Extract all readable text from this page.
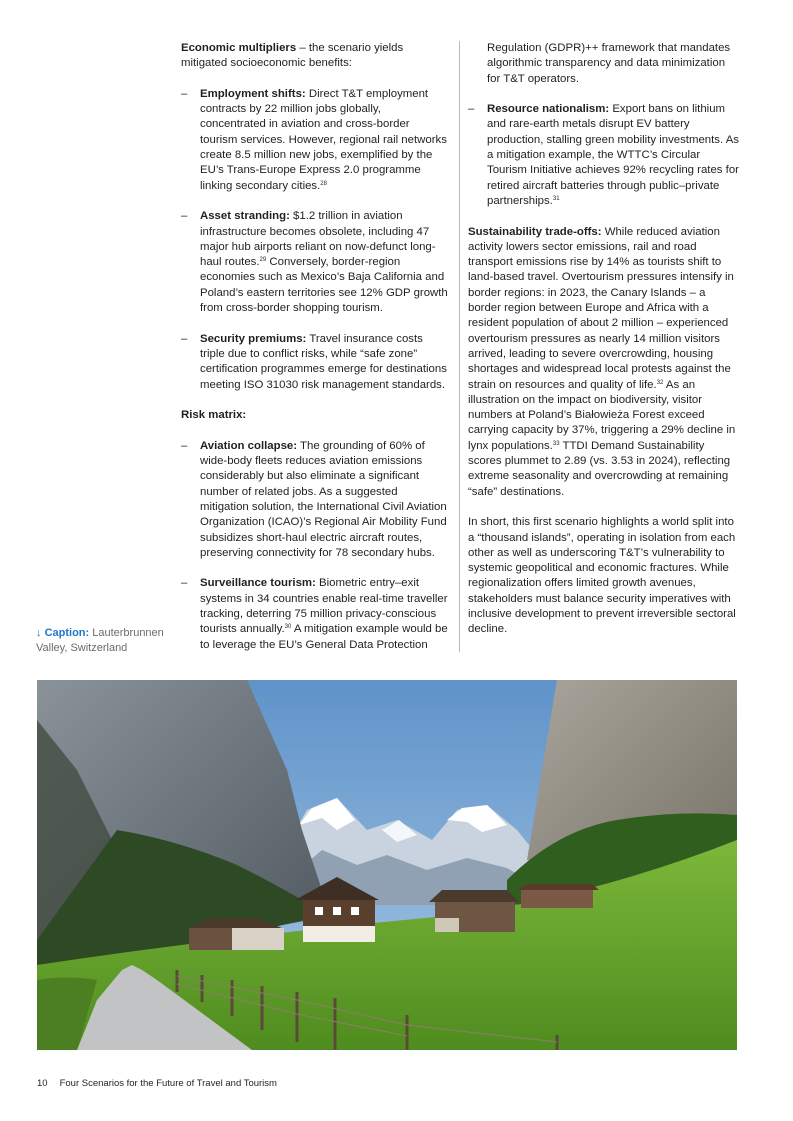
Economic multipliers – the scenario yields mitigated socioeconomic benefits:

– Employment shifts: Direct T&T employment contracts by 22 million jobs globally, concentrated in aviation and cross-border tourism services. However, regional rail networks create 8.5 million new jobs, exemplified by the EU’s Trans-Europe Express 2.0 programme linking secondary cities.$^{28}$
– Asset stranding: $1.2 trillion in aviation infrastructure becomes obsolete, including 47 major hub airports reliant on now-defunct long-haul routes.$^{29}$ Conversely, border-region economies such as Mexico’s Baja California and Poland’s eastern territories see 12% GDP growth from cross-border shopping tourism.
– Security premiums: Travel insurance costs triple due to conflict risks, while “safe zone” certification programmes emerge for destinations meeting ISO 31030 risk management standards.

Risk matrix:

– Aviation collapse: The grounding of 60% of wide-body fleets reduces aviation emissions considerably but also eliminate a significant number of related jobs. As a suggested mitigation solution, the International Civil Aviation Organization (ICAO)’s Regional Air Mobility Fund subsidizes short-haul electric aircraft routes, preserving connectivity for 78 secondary hubs.
– Surveillance tourism: Biometric entry–exit systems in 34 countries enable real-time traveller tracking, deterring 75 million privacy-conscious tourists annually.$^{30}$ A mitigation example would be to leverage the EU’s General Data Protection
Regulation (GDPR)++ framework that mandates algorithmic transparency and data minimization for T&T operators.
– Resource nationalism: Export bans on lithium and rare-earth metals disrupt EV battery production, stalling green mobility investments. As a mitigation example, the WTTC’s Circular Tourism Initiative achieves 92% recycling rates for retired aircraft batteries through public–private partnerships.$^{31}$

Sustainability trade-offs: While reduced aviation activity lowers sector emissions, rail and road transport emissions rise by 14% as tourists shift to land-based travel. Overtourism pressures intensify in border regions: in 2023, the Canary Islands – a border region between Europe and Africa with a resident population of about 2 million – experienced overtourism pressures as nearly 14 million visitors arrived, leading to severe overcrowding, housing shortages and widespread local protests against the strain on resources and quality of life.$^{32}$ As an illustration on the impact on biodiversity, visitor numbers at Poland’s Białowieża Forest exceed carrying capacity by 37%, triggering a 29% decline in lynx populations.$^{33}$ TTDI Demand Sustainability scores plummet to 2.89 (vs. 3.53 in 2024), reflecting extreme seasonality and overcrowding at remaining “safe” destinations.

In short, this first scenario highlights a world split into a “thousand islands”, operating in isolation from each other as well as underscoring T&T’s vulnerability to systemic geopolitical and economic fractures. While regionalization offers limited growth avenues, stakeholders must balance security imperatives with inclusive development to prevent irreversible sectoral decline.

↓ Caption: Lauterbrunnen Valley, Switzerland
10 Four Scenarios for the Future of Travel and Tourism
